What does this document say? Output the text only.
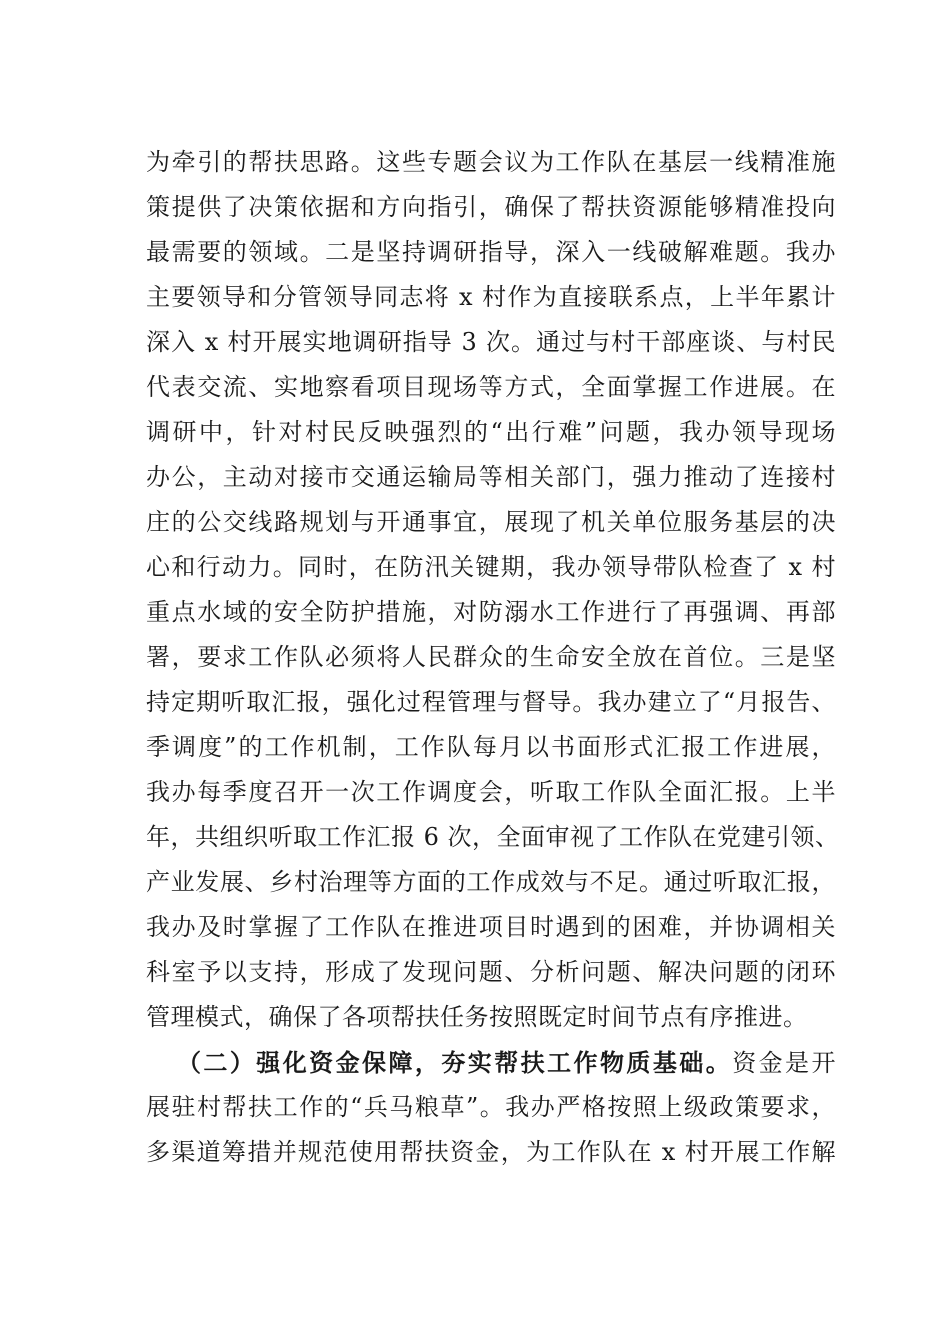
为牵引的帮扶思路。这些专题会议为工作队在基层一线精准施
策提供了决策依据和方向指引，确保了帮扶资源能够精准投向
最需要的领域。二是坚持调研指导，深入一线破解难题。我办
主要领导和分管领导同志将 x 村作为直接联系点，上半年累计
深入 x 村开展实地调研指导 3 次。通过与村干部座谈、与村民
代表交流、实地察看项目现场等方式，全面掌握工作进展。在
调研中，针对村民反映强烈的“出行难”问题，我办领导现场
办公，主动对接市交通运输局等相关部门，强力推动了连接村
庄的公交线路规划与开通事宜，展现了机关单位服务基层的决
心和行动力。同时，在防汛关键期，我办领导带队检查了 x 村
重点水域的安全防护措施，对防溺水工作进行了再强调、再部
署，要求工作队必须将人民群众的生命安全放在首位。三是坚
持定期听取汇报，强化过程管理与督导。我办建立了“月报告、
季调度”的工作机制，工作队每月以书面形式汇报工作进展，
我办每季度召开一次工作调度会，听取工作队全面汇报。上半
年，共组织听取工作汇报 6 次，全面审视了工作队在党建引领、
产业发展、乡村治理等方面的工作成效与不足。通过听取汇报，
我办及时掌握了工作队在推进项目时遇到的困难，并协调相关
科室予以支持，形成了发现问题、分析问题、解决问题的闭环
管理模式，确保了各项帮扶任务按照既定时间节点有序推进。
（二）强化资金保障，夯实帮扶工作物质基础。资金是开
展驻村帮扶工作的“兵马粮草”。我办严格按照上级政策要求，
多渠道筹措并规范使用帮扶资金，为工作队在 x 村开展工作解
